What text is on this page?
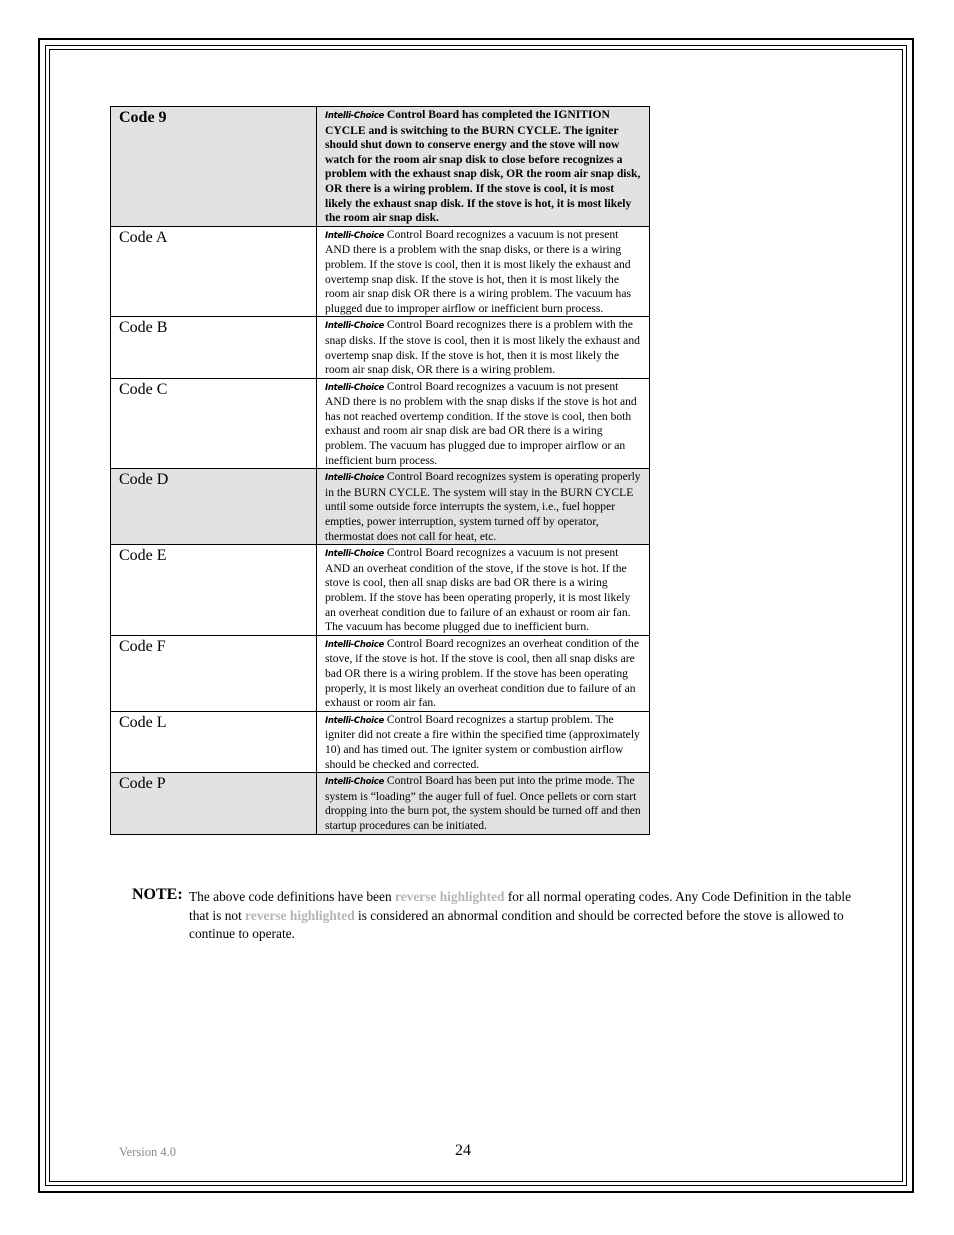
Code 9	Intelli-Choice Control Board has completed the IGNITION CYCLE and is switching to the BURN CYCLE. The igniter should shut down to conserve energy and the stove will now watch for the room air snap disk to close before recognizes a problem with the exhaust snap disk, OR the room air snap disk, OR there is a wiring problem. If the stove is cool, it is most likely the exhaust snap disk. If the stove is hot, it is most likely the room air snap disk.
Code A	Intelli-Choice Control Board recognizes a vacuum is not present AND there is a problem with the snap disks, or there is a wiring problem. If the stove is cool, then it is most likely the exhaust and overtemp snap disk. If the stove is hot, then it is most likely the room air snap disk OR there is a wiring problem. The vacuum has plugged due to improper airflow or inefficient burn process.
Code B	Intelli-Choice Control Board recognizes there is a problem with the snap disks. If the stove is cool, then it is most likely the exhaust and overtemp snap disk. If the stove is hot, then it is most likely the room air snap disk, OR there is a wiring problem.
Code C	Intelli-Choice Control Board recognizes a vacuum is not present AND there is no problem with the snap disks if the stove is hot and has not reached overtemp condition. If the stove is cool, then both exhaust and room air snap disk are bad OR there is a wiring problem. The vacuum has plugged due to improper airflow or an inefficient burn process.
Code D	Intelli-Choice Control Board recognizes system is operating properly in the BURN CYCLE. The system will stay in the BURN CYCLE until some outside force interrupts the system, i.e., fuel hopper empties, power interruption, system turned off by operator, thermostat does not call for heat, etc.
Code E	Intelli-Choice Control Board recognizes a vacuum is not present AND an overheat condition of the stove, if the stove is hot. If the stove is cool, then all snap disks are bad OR there is a wiring problem. If the stove has been operating properly, it is most likely an overheat condition due to failure of an exhaust or room air fan. The vacuum has become plugged due to inefficient burn.
Code F	Intelli-Choice Control Board recognizes an overheat condition of the stove, if the stove is hot. If the stove is cool, then all snap disks are bad OR there is a wiring problem. If the stove has been operating properly, it is most likely an overheat condition due to failure of an exhaust or room air fan.
Code L	Intelli-Choice Control Board recognizes a startup problem. The igniter did not create a fire within the specified time (approximately 10) and has timed out. The igniter system or combustion airflow should be checked and corrected.
Code P	Intelli-Choice Control Board has been put into the prime mode. The system is “loading” the auger full of fuel. Once pellets or corn start dropping into the burn pot, the system should be turned off and then startup procedures can be initiated.
NOTE: The above code definitions have been reverse highlighted for all normal operating codes. Any Code Definition in the table that is not reverse highlighted is considered an abnormal condition and should be corrected before the stove is allowed to continue to operate.
Version 4.0	24
